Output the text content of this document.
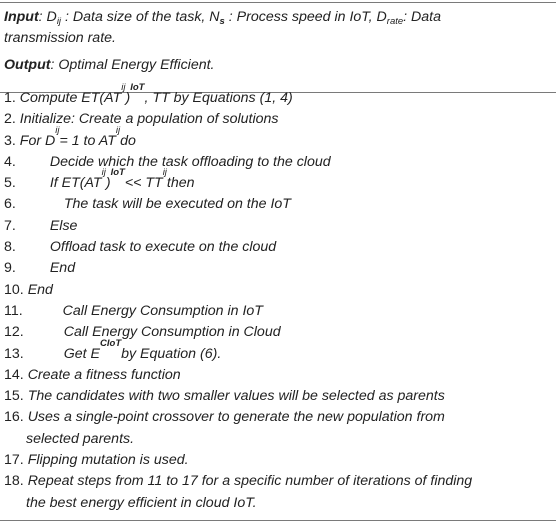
Input: $D_{ij}$ : Data size of the task, $N_s$ : Process speed in IoT, $D_{rate}$: Data
transmission rate.
Output: Optimal Energy Efficient.
1.
Compute ET(AT
ij
)
IoT
, TT by Equations (1, 4)
2.
Initialize: Create a population of solutions
3.
For D
ij
= 1 to AT
ij
do
4.	Decide which the task offloading to the cloud
5.	If ET(AT
ij
)
IoT
<< TT
ij
then
6.	The task will be executed on the IoT
7.	Else
8.	Offload task to execute on the cloud
9.	End
10.
End
11.	Call Energy Consumption in IoT
12.	Call Energy Consumption in Cloud
13.	Get E
CIoT
by Equation (6).
14.
Create a fitness function
15.
The candidates with two smaller values will be selected as parents
16.
Uses a single-point crossover to generate the new population from
selected parents.
17.
Flipping mutation is used.
18.
Repeat steps from 11 to 17 for a specific number of iterations of finding
the best energy efficient in cloud IoT.
